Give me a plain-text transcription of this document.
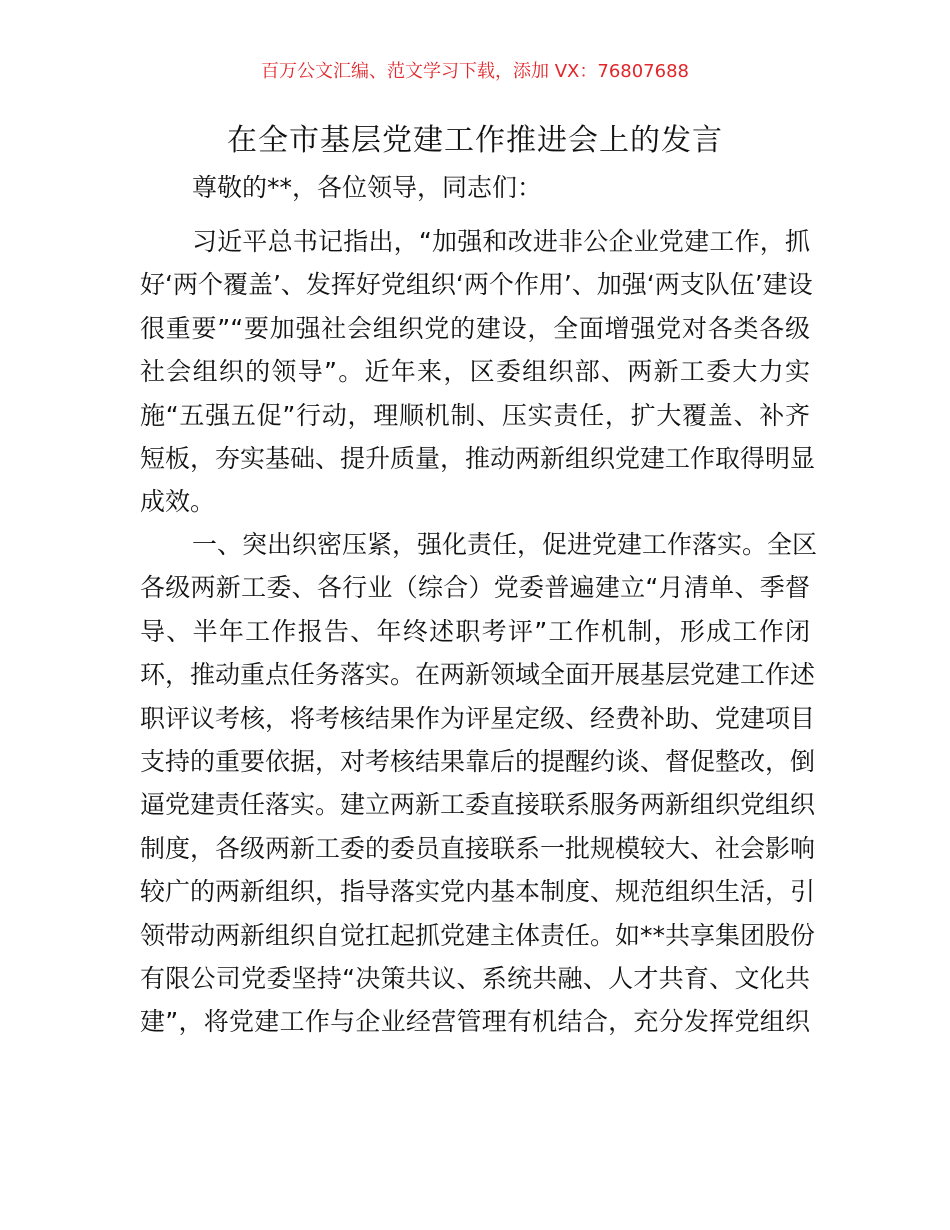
百万公文汇编、范文学习下载，添加 VX：76807688
在全市基层党建工作推进会上的发言
尊敬的**，各位领导，同志们：
习近平总书记指出，“加强和改进非公企业党建工作，抓
好‘两个覆盖’、发挥好党组织‘两个作用’、加强‘两支队伍’建设
很重要”“要加强社会组织党的建设，全面增强党对各类各级
社会组织的领导”。近年来，区委组织部、两新工委大力实
施“五强五促”行动，理顺机制、压实责任，扩大覆盖、补齐
短板，夯实基础、提升质量，推动两新组织党建工作取得明显
成效。
一、突出织密压紧，强化责任，促进党建工作落实。全区
各级两新工委、各行业（综合）党委普遍建立“月清单、季督
导、半年工作报告、年终述职考评”工作机制，形成工作闭
环，推动重点任务落实。在两新领域全面开展基层党建工作述
职评议考核，将考核结果作为评星定级、经费补助、党建项目
支持的重要依据，对考核结果靠后的提醒约谈、督促整改，倒
逼党建责任落实。建立两新工委直接联系服务两新组织党组织
制度，各级两新工委的委员直接联系一批规模较大、社会影响
较广的两新组织，指导落实党内基本制度、规范组织生活，引
领带动两新组织自觉扛起抓党建主体责任。如**共享集团股份
有限公司党委坚持“决策共议、系统共融、人才共育、文化共
建”，将党建工作与企业经营管理有机结合，充分发挥党组织
